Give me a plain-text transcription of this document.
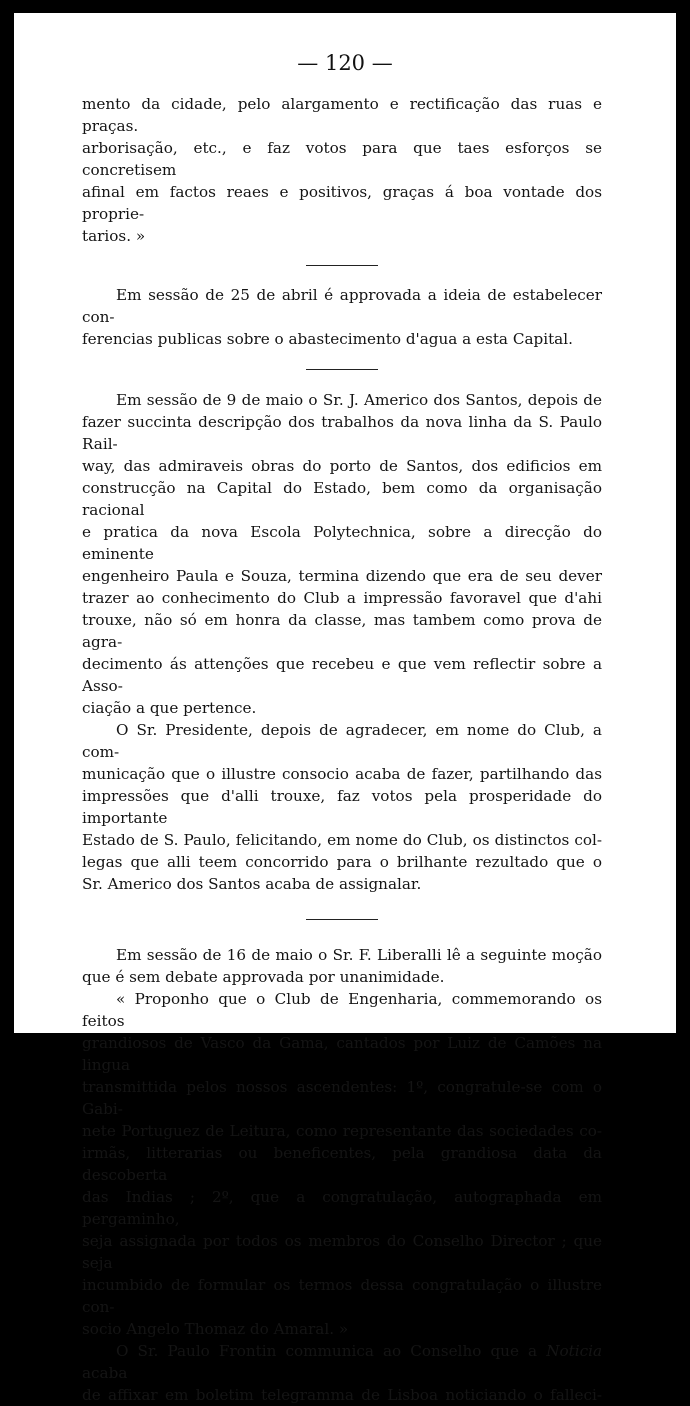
— 120 —

mento da cidade, pelo alargamento e rectificação das ruas e praças.

arborisação, etc., e faz votos para que taes esforços se concretisem

afinal em factos reaes e positivos, graças á boa vontade dos proprie-

tarios. »

Em sessão de 25 de abril é approvada a ideia de estabelecer con-

ferencias publicas sobre o abastecimento d'agua a esta Capital.

Em sessão de 9 de maio o Sr. J. Americo dos Santos, depois de

fazer succinta descripção dos trabalhos da nova linha da S. Paulo Rail-

way, das admiraveis obras do porto de Santos, dos edificios em

construcção na Capital do Estado, bem como da organisação racional

e pratica da nova Escola Polytechnica, sobre a direcção do eminente

engenheiro Paula e Souza, termina dizendo que era de seu dever

trazer ao conhecimento do Club a impressão favoravel que d'ahi

trouxe, não só em honra da classe, mas tambem como prova de agra-

decimento ás attenções que recebeu e que vem reflectir sobre a Asso-

ciação a que pertence.

O Sr. Presidente, depois de agradecer, em nome do Club, a com-

municação que o illustre consocio acaba de fazer, partilhando das

impressões que d'alli trouxe, faz votos pela prosperidade do importante

Estado de S. Paulo, felicitando, em nome do Club, os distinctos col-

legas que alli teem concorrido para o brilhante rezultado que o

Sr. Americo dos Santos acaba de assignalar.

Em sessão de 16 de maio o Sr. F. Liberalli lê a seguinte moção

que é sem debate approvada por unanimidade.

« Proponho que o Club de Engenharia, commemorando os feitos

grandiosos de Vasco da Gama, cantados por Luiz de Camões na lingua

transmittida pelos nossos ascendentes: 1º, congratule-se com o Gabi-

nete Portuguez de Leitura, como representante das sociedades co-

irmãs, litterarias ou beneficentes, pela grandiosa data da descoberta

das Indias ; 2º, que a congratulação, autographada em pergaminho,

seja assignada por todos os membros do Conselho Director ; que seja

incumbido de formular os termos dessa congratulação o illustre con-

socio Angelo Thomaz do Amaral. »

O Sr. Paulo Frontin communica ao Conselho que a Noticia acaba

de affixar em boletim telegramma de Lisboa noticiando o falleci-
